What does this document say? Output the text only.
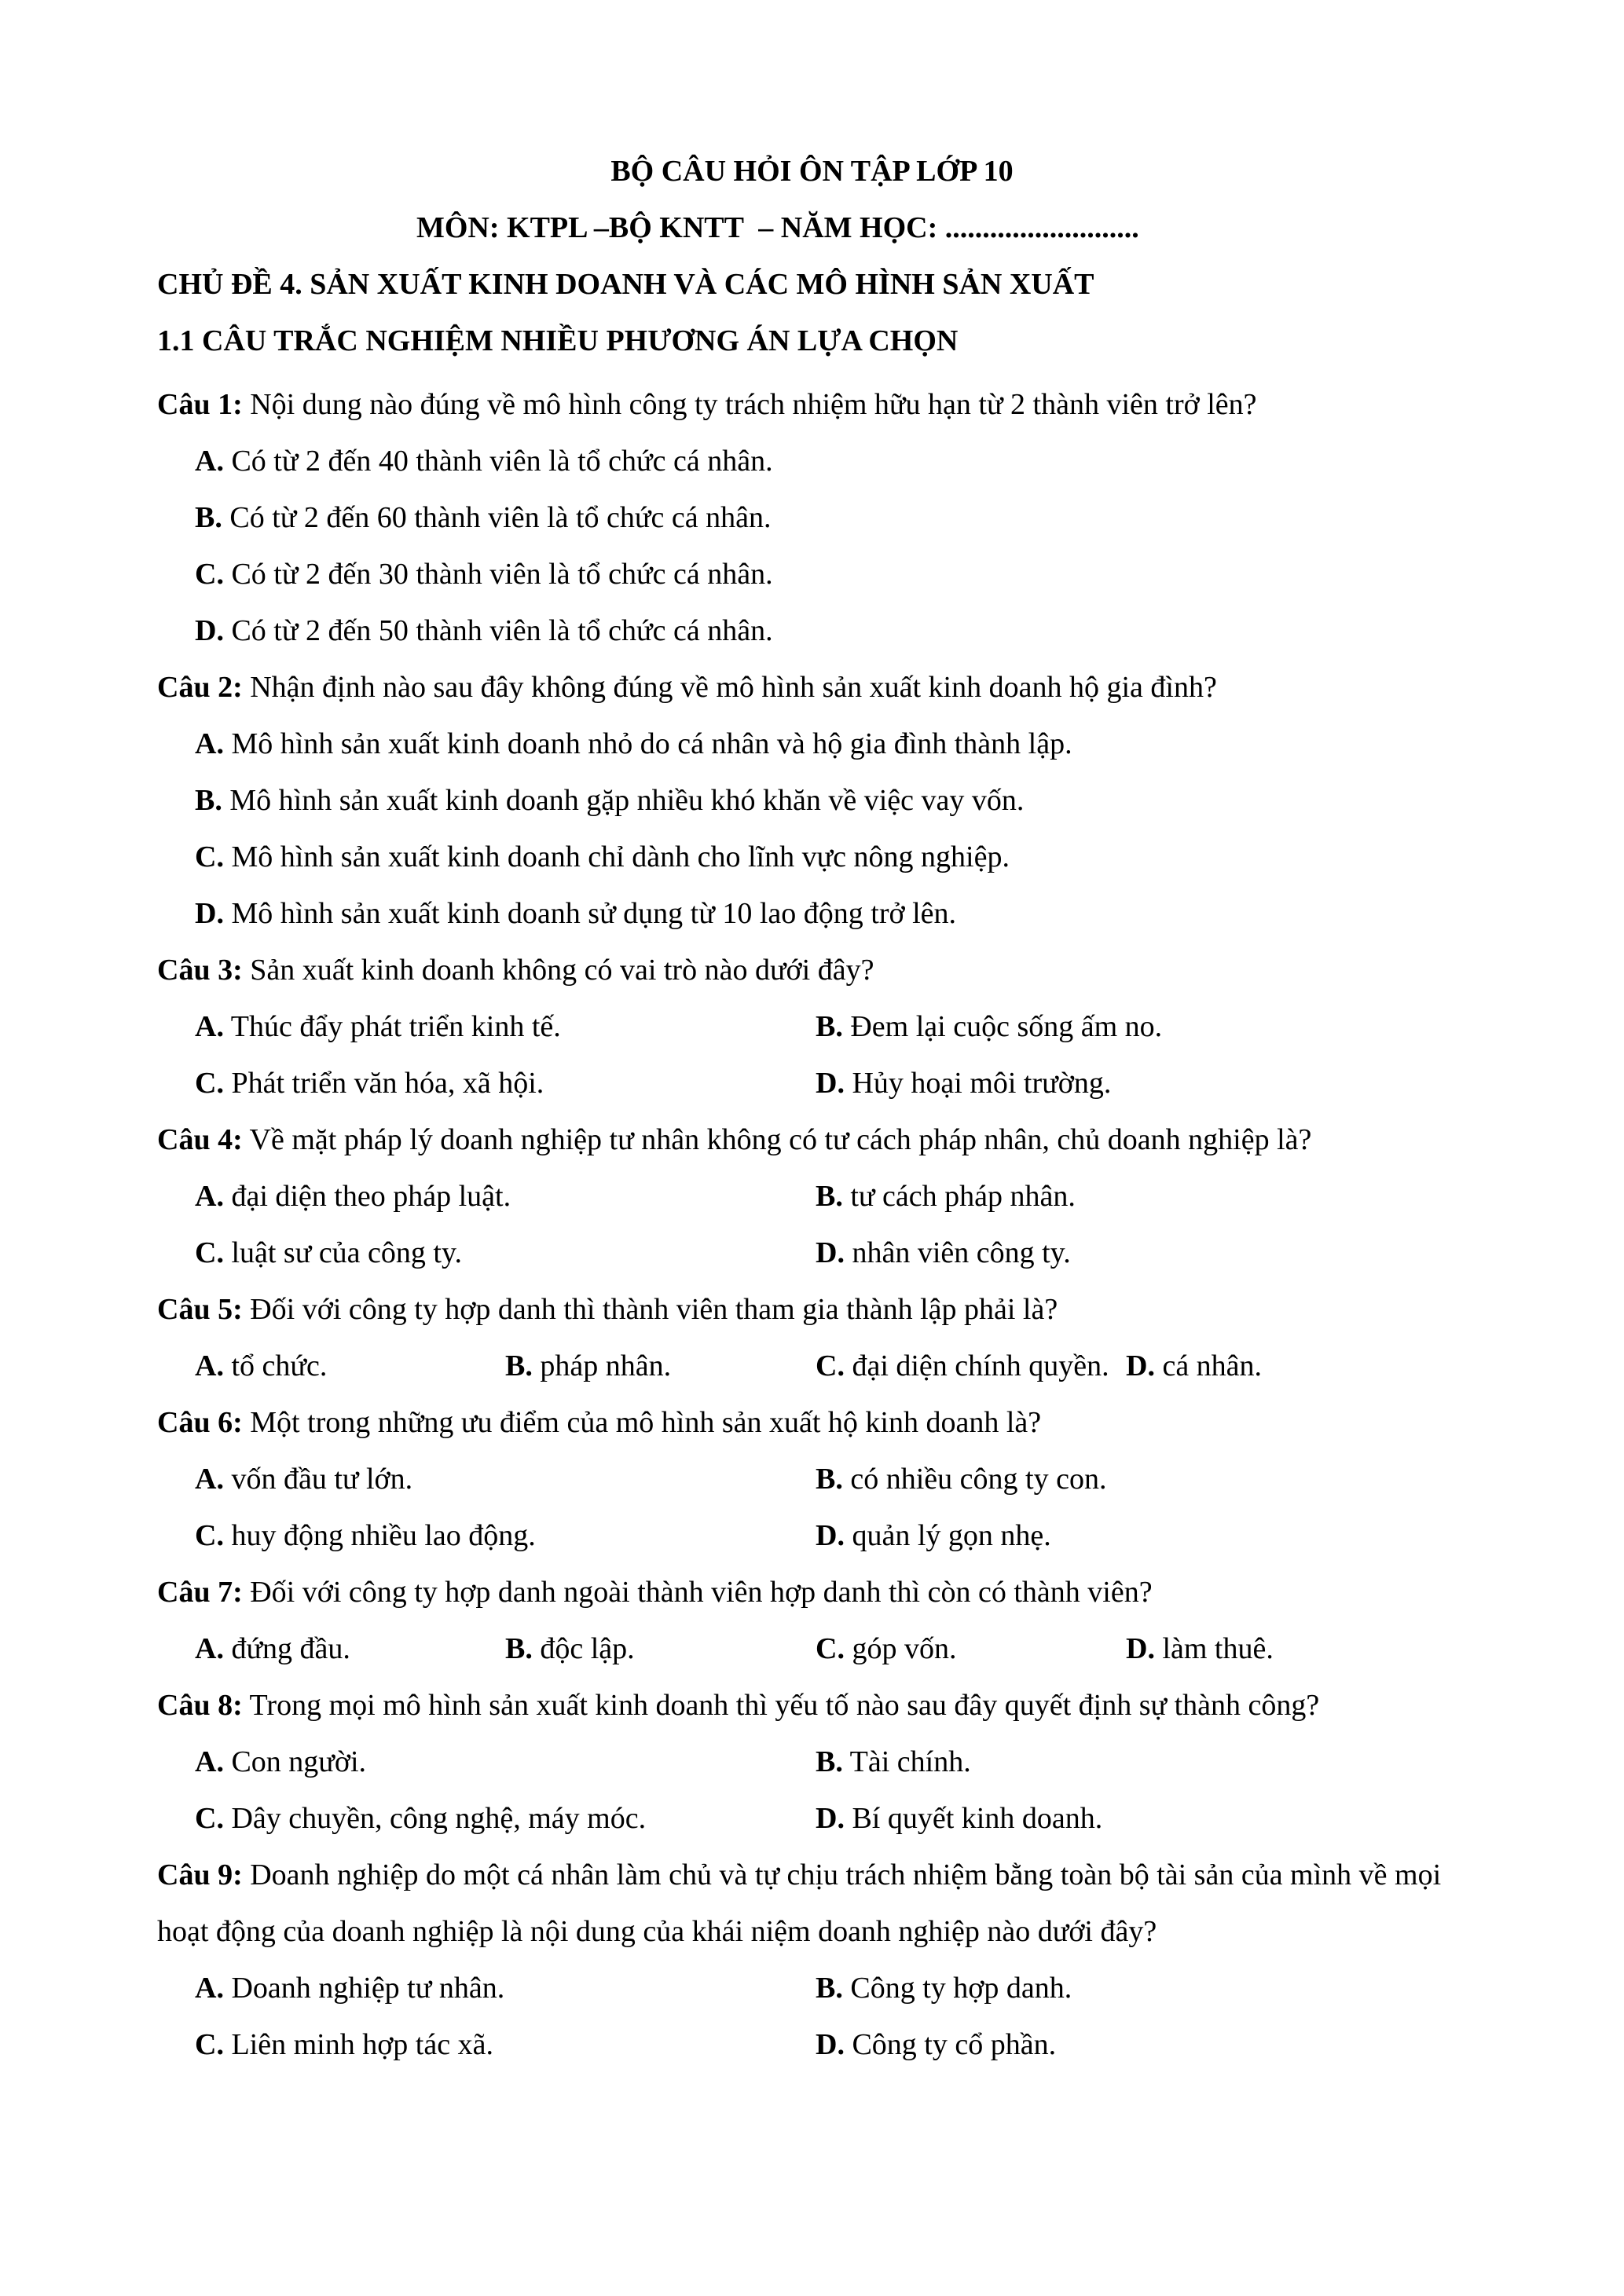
BỘ CÂU HỎI ÔN TẬP LỚP 10
MÔN: KTPL –BỘ KNTT  – NĂM HỌC: ..........................
CHỦ ĐỀ 4. SẢN XUẤT KINH DOANH VÀ CÁC MÔ HÌNH SẢN XUẤT
1.1 CÂU TRẮC NGHIỆM NHIỀU PHƯƠNG ÁN LỰA CHỌN

Câu 1: Nội dung nào đúng về mô hình công ty trách nhiệm hữu hạn từ 2 thành viên trở lên?

A. Có từ 2 đến 40 thành viên là tổ chức cá nhân.
B. Có từ 2 đến 60 thành viên là tổ chức cá nhân.
C. Có từ 2 đến 30 thành viên là tổ chức cá nhân.
D. Có từ 2 đến 50 thành viên là tổ chức cá nhân.

Câu 2: Nhận định nào sau đây không đúng về mô hình sản xuất kinh doanh hộ gia đình?

A. Mô hình sản xuất kinh doanh nhỏ do cá nhân và hộ gia đình thành lập.
B. Mô hình sản xuất kinh doanh gặp nhiều khó khăn về việc vay vốn.
C. Mô hình sản xuất kinh doanh chỉ dành cho lĩnh vực nông nghiệp.
D. Mô hình sản xuất kinh doanh sử dụng từ 10 lao động trở lên.

Câu 3: Sản xuất kinh doanh không có vai trò nào dưới đây?

A. Thúc đẩy phát triển kinh tế.	B. Đem lại cuộc sống ấm no.
C. Phát triển văn hóa, xã hội.	D. Hủy hoại môi trường.

Câu 4: Về mặt pháp lý doanh nghiệp tư nhân không có tư cách pháp nhân, chủ doanh nghiệp là?

A. đại diện theo pháp luật.	B. tư cách pháp nhân.
C. luật sư của công ty.	D. nhân viên công ty.

Câu 5: Đối với công ty hợp danh thì thành viên tham gia thành lập phải là?

A. tổ chức.	B. pháp nhân.	C. đại diện chính quyền. D. cá nhân.

Câu 6: Một trong những ưu điểm của mô hình sản xuất hộ kinh doanh là?

A. vốn đầu tư lớn.	B. có nhiều công ty con.
C. huy động nhiều lao động.	D. quản lý gọn nhẹ.

Câu 7: Đối với công ty hợp danh ngoài thành viên hợp danh thì còn có thành viên?

A. đứng đầu.	B. độc lập.	C. góp vốn.	D. làm thuê.

Câu 8: Trong mọi mô hình sản xuất kinh doanh thì yếu tố nào sau đây quyết định sự thành công?

A. Con người.	B. Tài chính.
C. Dây chuyền, công nghệ, máy móc.	D. Bí quyết kinh doanh.

Câu 9: Doanh nghiệp do một cá nhân làm chủ và tự chịu trách nhiệm bằng toàn bộ tài sản của mình về mọi hoạt động của doanh nghiệp là nội dung của khái niệm doanh nghiệp nào dưới đây?

A. Doanh nghiệp tư nhân.	B. Công ty hợp danh.
C. Liên minh hợp tác xã.	D. Công ty cổ phần.
